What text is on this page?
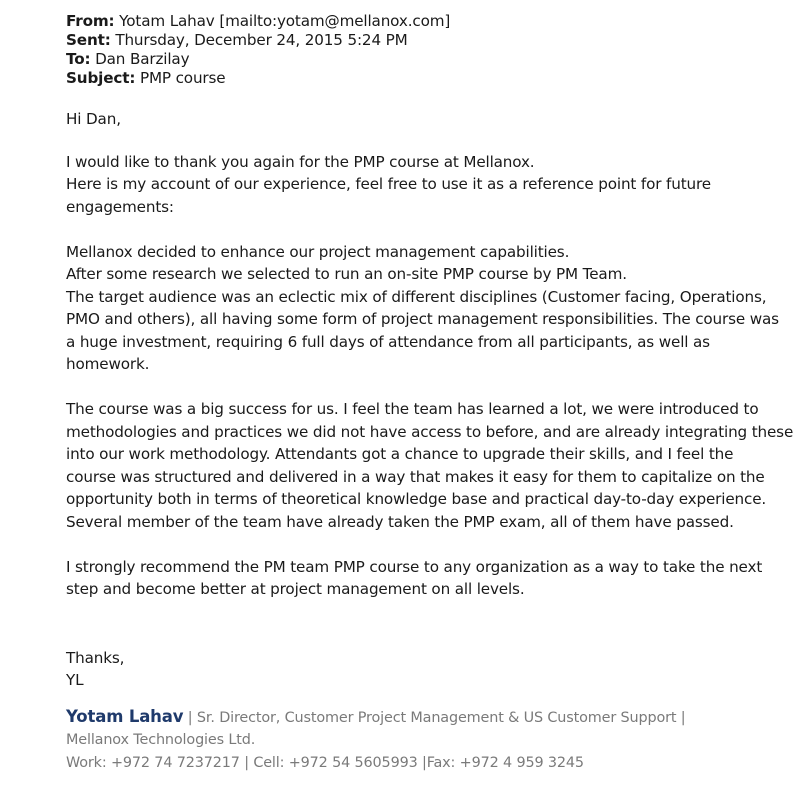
From: Yotam Lahav [mailto:yotam@mellanox.com]
Sent: Thursday, December 24, 2015 5:24 PM
To: Dan Barzilay
Subject: PMP course

Hi Dan,

I would like to thank you again for the PMP course at Mellanox.
Here is my account of our experience, feel free to use it as a reference point for future
engagements:

Mellanox decided to enhance our project management capabilities.
After some research we selected to run an on-site PMP course by PM Team.
The target audience was an eclectic mix of different disciplines (Customer facing, Operations,
PMO and others), all having some form of project management responsibilities. The course was
a huge investment, requiring 6 full days of attendance from all participants, as well as
homework.

The course was a big success for us. I feel the team has learned a lot, we were introduced to
methodologies and practices we did not have access to before, and are already integrating these
into our work methodology. Attendants got a chance to upgrade their skills, and I feel the
course was structured and delivered in a way that makes it easy for them to capitalize on the
opportunity both in terms of theoretical knowledge base and practical day-to-day experience.
Several member of the team have already taken the PMP exam, all of them have passed.

I strongly recommend the PM team PMP course to any organization as a way to take the next
step and become better at project management on all levels.

Thanks,
YL
Yotam Lahav | Sr. Director, Customer Project Management & US Customer Support |
Mellanox Technologies Ltd.
Work: +972 74 7237217 | Cell: +972 54 5605993 |Fax: +972 4 959 3245
